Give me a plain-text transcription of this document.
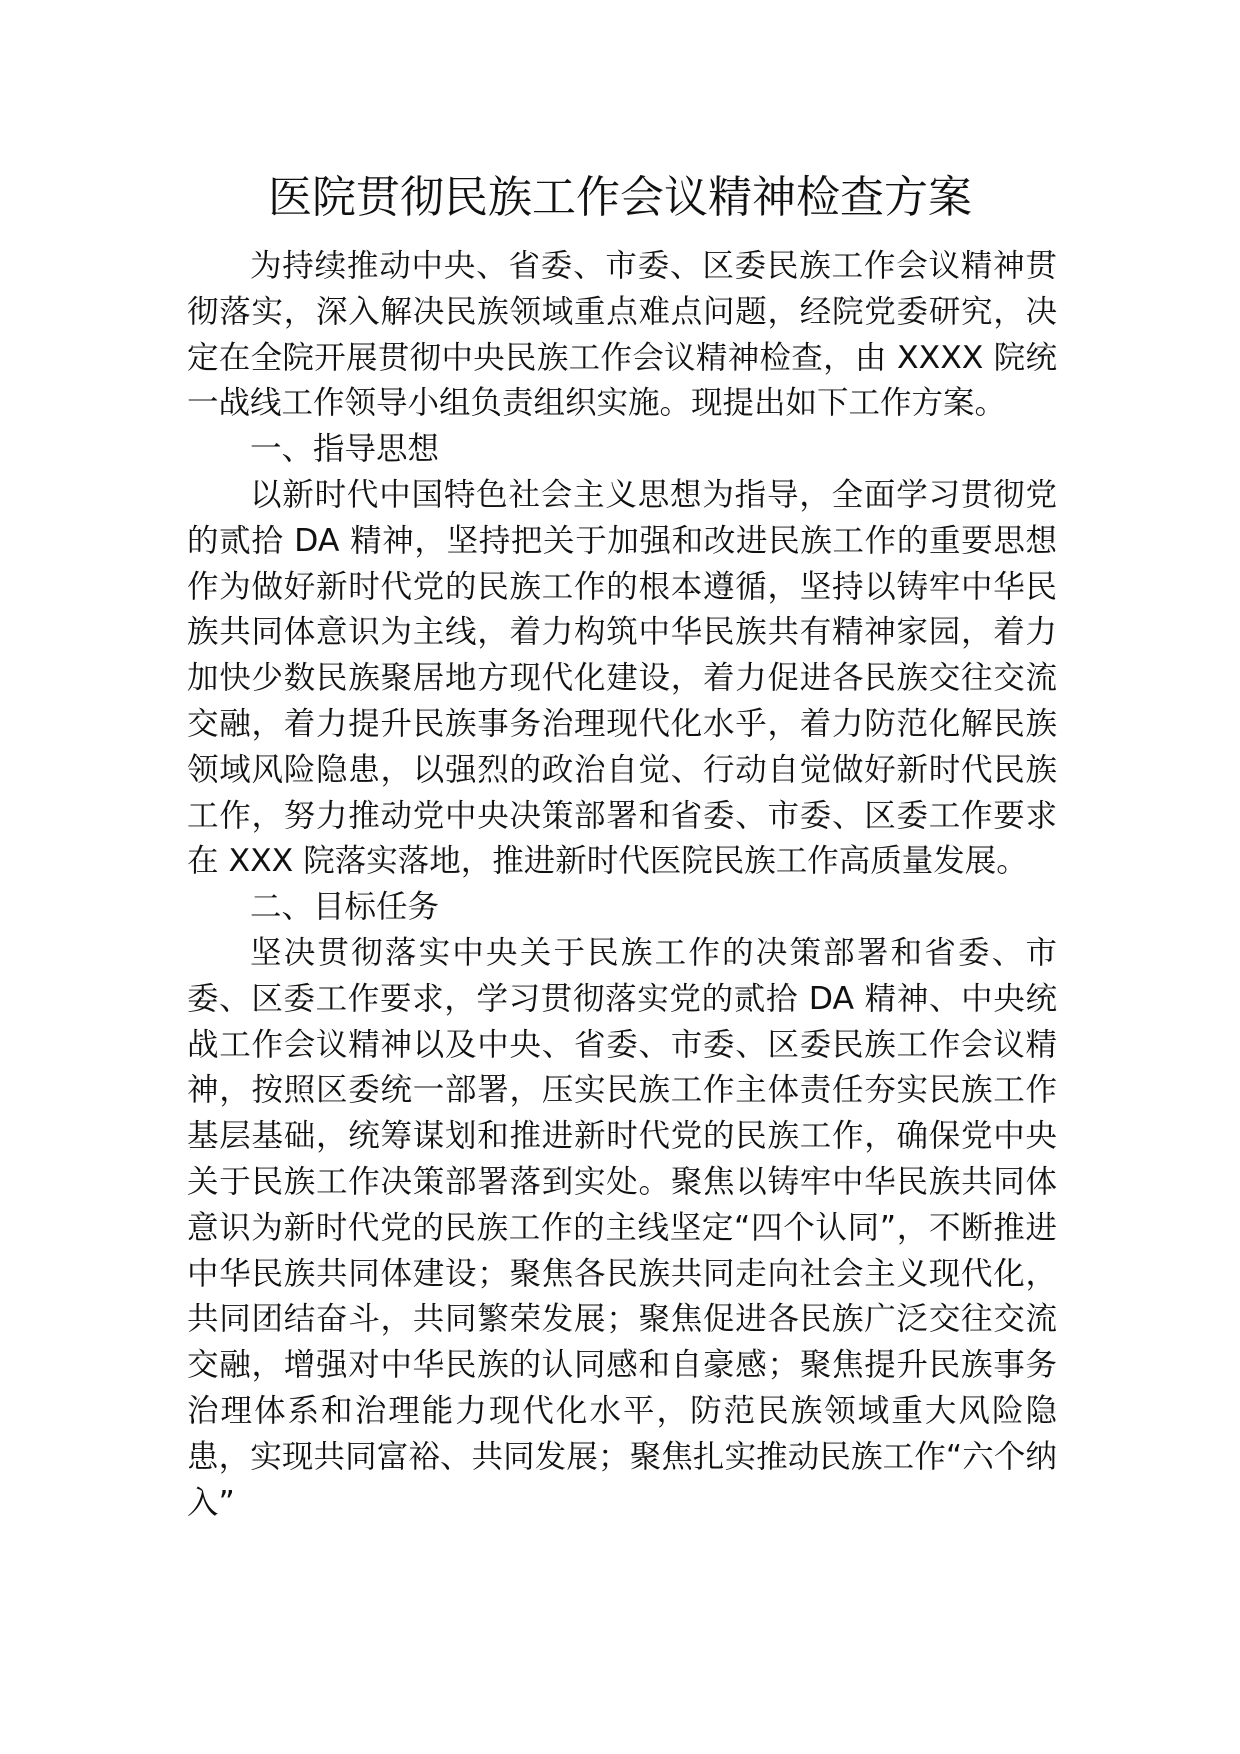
医院贯彻民族工作会议精神检查方案

为持续推动中央、省委、市委、区委民族工作会议精神贯彻落实，深入解决民族领域重点难点问题，经院党委研究，决定在全院开展贯彻中央民族工作会议精神检查，由 XXXX 院统一战线工作领导小组负责组织实施。现提出如下工作方案。

一、指导思想

以新时代中国特色社会主义思想为指导，全面学习贯彻党的贰拾 DA 精神，坚持把关于加强和改进民族工作的重要思想作为做好新时代党的民族工作的根本遵循，坚持以铸牢中华民族共同体意识为主线，着力构筑中华民族共有精神家园，着力加快少数民族聚居地方现代化建设，着力促进各民族交往交流交融，着力提升民族事务治理现代化水乎，着力防范化解民族领域风险隐患，以强烈的政治自觉、行动自觉做好新时代民族工作，努力推动党中央决策部署和省委、市委、区委工作要求在 XXX 院落实落地，推进新时代医院民族工作高质量发展。

二、目标任务

坚决贯彻落实中央关于民族工作的决策部署和省委、市委、区委工作要求，学习贯彻落实党的贰拾 DA 精神、中央统战工作会议精神以及中央、省委、市委、区委民族工作会议精神，按照区委统一部署，压实民族工作主体责任夯实民族工作基层基础，统筹谋划和推进新时代党的民族工作，确保党中央关于民族工作决策部署落到实处。聚焦以铸牢中华民族共同体意识为新时代党的民族工作的主线坚定“四个认同”，不断推进中华民族共同体建设；聚焦各民族共同走向社会主义现代化，共同团结奋斗，共同繁荣发展；聚焦促进各民族广泛交往交流交融，增强对中华民族的认同感和自豪感；聚焦提升民族事务治理体系和治理能力现代化水平，防范民族领域重大风险隐患，实现共同富裕、共同发展；聚焦扎实推动民族工作“六个纳入”
